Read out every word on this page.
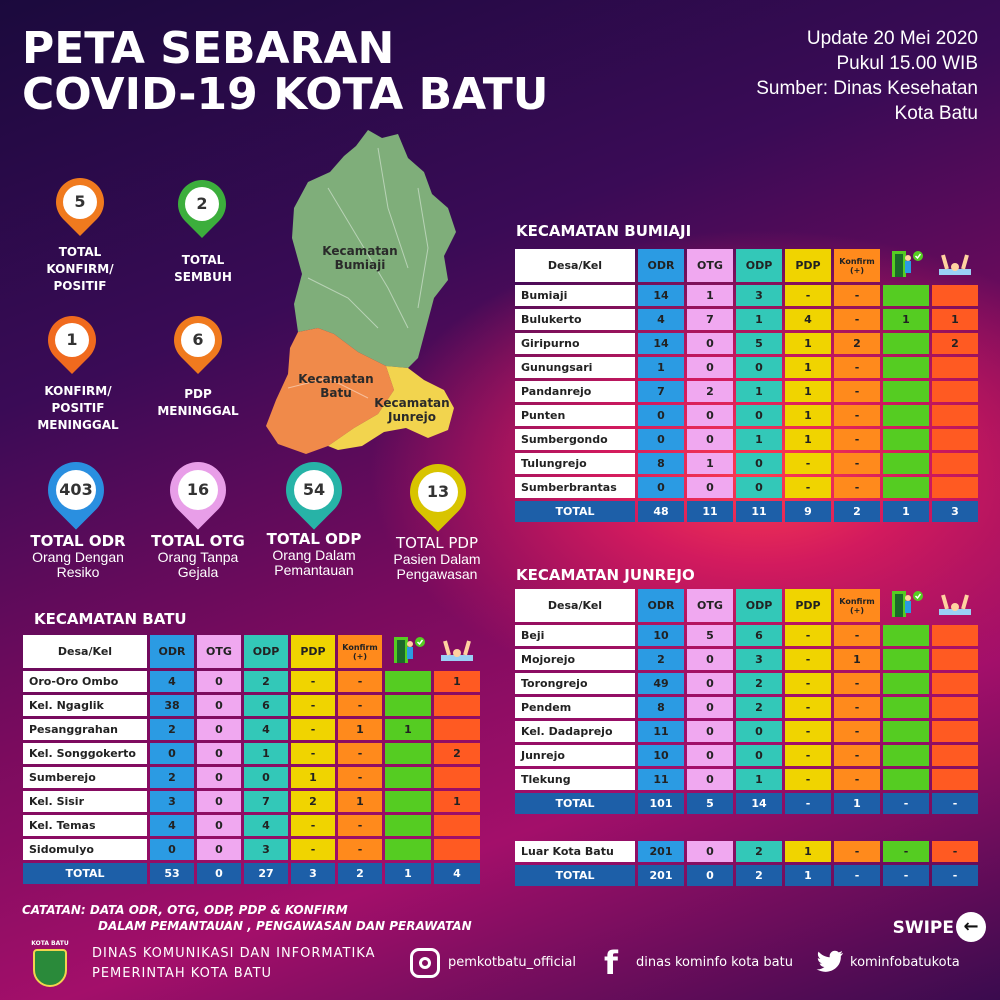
PETA SEBARAN
COVID-19 KOTA BATU
Update 20 Mei 2020
Pukul 15.00 WIB
Sumber: Dinas Kesehatan
Kota Batu
5
TOTAL
KONFIRM/
POSITIF
2
TOTAL
SEMBUH
1
KONFIRM/
POSITIF
MENINGGAL
6
PDP
MENINGGAL
403
TOTAL ODR
Orang Dengan
Resiko
16
TOTAL OTG
Orang Tanpa
Gejala
54
TOTAL ODP
Orang Dalam
Pemantauan
13
TOTAL PDP
Pasien Dalam
Pengawasan
Kecamatan
Bumiaji
Kecamatan
Batu
Kecamatan
Junrejo
KECAMATAN BUMIAJI
KECAMATAN JUNREJO
KECAMATAN BATU
Desa/Kel	ODR	OTG	ODP	PDP	Konfirm
(+)

Bumiaji	14	1	3	-	-		
Bulukerto	4	7	1	4	-	1	1
Giripurno	14	0	5	1	2		2
Gunungsari	1	0	0	1	-		
Pandanrejo	7	2	1	1	-		
Punten	0	0	0	1	-		
Sumbergondo	0	0	1	1	-		
Tulungrejo	8	1	0	-	-		
Sumberbrantas	0	0	0	-	-		
TOTAL	48	11	11	9	2	1	3
Desa/Kel	ODR	OTG	ODP	PDP	Konfirm
(+)

Beji	10	5	6	-	-		
Mojorejo	2	0	3	-	1		
Torongrejo	49	0	2	-	-		
Pendem	8	0	2	-	-		
Kel. Dadaprejo	11	0	0	-	-		
Junrejo	10	0	0	-	-		
Tlekung	11	0	1	-	-		
TOTAL	101	5	14	-	1	-	-
Desa/Kel	ODR	OTG	ODP	PDP	Konfirm
(+)

Oro-Oro Ombo	4	0	2	-	-		1
Kel. Ngaglik	38	0	6	-	-		
Pesanggrahan	2	0	4	-	1	1	
Kel. Songgokerto	0	0	1	-	-		2
Sumberejo	2	0	0	1	-		
Kel. Sisir	3	0	7	2	1		1
Kel. Temas	4	0	4	-	-		
Sidomulyo	0	0	3	-	-		
TOTAL	53	0	27	3	2	1	4
Luar Kota Batu	201	0	2	1	-	-	-
TOTAL	201	0	2	1	-	-	-
CATATAN: DATA ODR, OTG, ODP, PDP & KONFIRM
DALAM PEMANTAUAN , PENGAWASAN DAN PERAWATAN	SWIPE ←
KOTA BATU
DINAS KOMUNIKASI DAN INFORMATIKA
PEMERINTAH KOTA BATU
pemkotbatu_official f dinas kominfo kota batu	kominfobatukota
